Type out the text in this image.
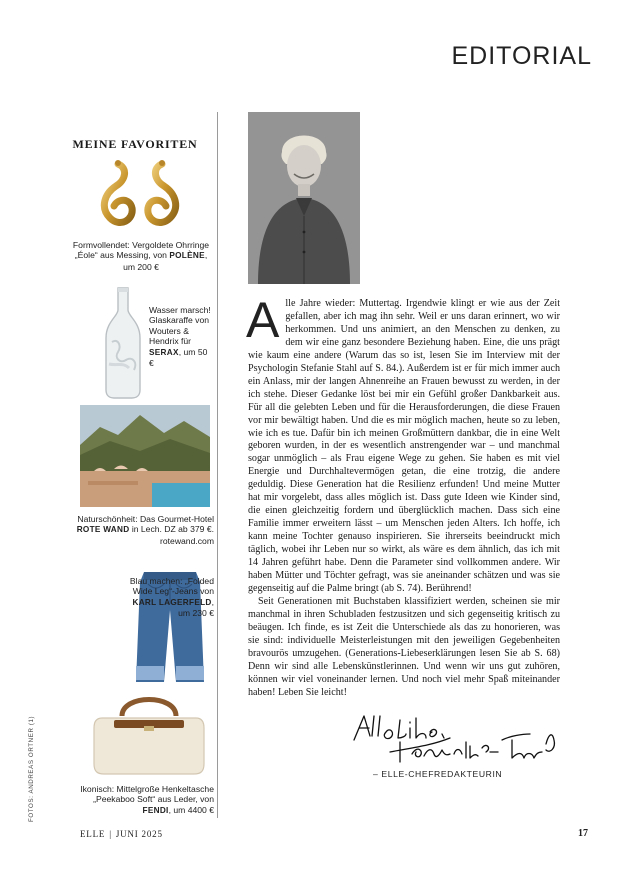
EDITORIAL
MEINE FAVORITEN
Formvollendet: Vergoldete Ohrringe „Éole“ aus Messing, von POLÈNE, um 200 €
Wasser marsch! Glaskaraffe von Wouters & Hendrix für SERAX, um 50 €
Naturschönheit: Das Gourmet-Hotel ROTE WAND in Lech. DZ ab 379 €. rotewand.com
Blau machen: „Folded Wide Leg“-Jeans von KARL LAGERFELD, um 230 €
Ikonisch: Mittelgroße Henkeltasche „Peekaboo Soft“ aus Leder, von FENDI, um 4400 €

Alle Jahre wieder: Muttertag. Irgendwie klingt er wie aus der Zeit gefallen, aber ich mag ihn sehr. Weil er uns daran erinnert, wo wir herkommen. Und uns animiert, an den Menschen zu denken, zu dem wir eine ganz besondere Beziehung haben. Eine, die uns prägt wie kaum eine andere (Warum das so ist, lesen Sie im Interview mit der Psychologin Stefanie Stahl auf S. 84.). Außerdem ist er für mich immer auch ein Anlass, mir der langen Ahnenreihe an Frauen bewusst zu werden, in der ich stehe. Dieser Gedanke löst bei mir ein Gefühl großer Dankbarkeit aus. Für all die gelebten Leben und für die Herausforderungen, die diese Frauen vor mir bewältigt haben. Und die es mir möglich machen, heute so zu leben, wie ich es tue. Dafür bin ich meinen Großmüttern dankbar, die in eine Welt geboren wurden, in der es wesentlich anstrengender war – und manchmal sogar unmöglich – als Frau eigene Wege zu gehen. Sie haben es mit viel Energie und Durchhaltevermögen getan, die eine trotzig, die andere geduldig. Diese Generation hat die Resilienz erfunden! Und meine Mutter hat mir vorgelebt, dass alles möglich ist. Dass gute Ideen wie Kinder sind, die einen gleichzeitig fordern und überglücklich machen. Dass sich eine Familie immer erweitern lässt – um Menschen jeden Alters. Ich hoffe, ich kann meine Tochter genauso inspirieren. Sie ihrerseits beeindruckt mich täglich, wobei ihr Leben nur so wirkt, als wäre es dem ähnlich, das ich mit 14 Jahren geführt habe. Denn die Parameter sind vollkommen andere. Wir haben Mütter und Töchter gefragt, was sie aneinander schätzen und was sie gegenseitig auf die Palme bringt (ab S. 74). Berührend!

Seit Generationen mit Buchstaben klassifiziert werden, scheinen sie mir manchmal in ihren Schubladen festzusitzen und sich gegenseitig kritisch zu beäugen. Ich finde, es ist Zeit die Unterschiede als das zu honorieren, was sie sind: individuelle Meisterleistungen mit den jeweiligen Gegebenheiten bravourös umzugehen. (Generations-Liebeserklärungen lesen Sie ab S. 68) Denn wir sind alle Lebenskünstlerinnen. Und wenn wir uns gut zuhören, können wir viel voneinander lernen. Und noch viel mehr Spaß miteinander haben! Leben Sie leicht!

– ELLE-CHEFREDAKTEURIN
FOTOS: ANDREAS ORTNER (1)
ELLE | JUNI 2025	17
